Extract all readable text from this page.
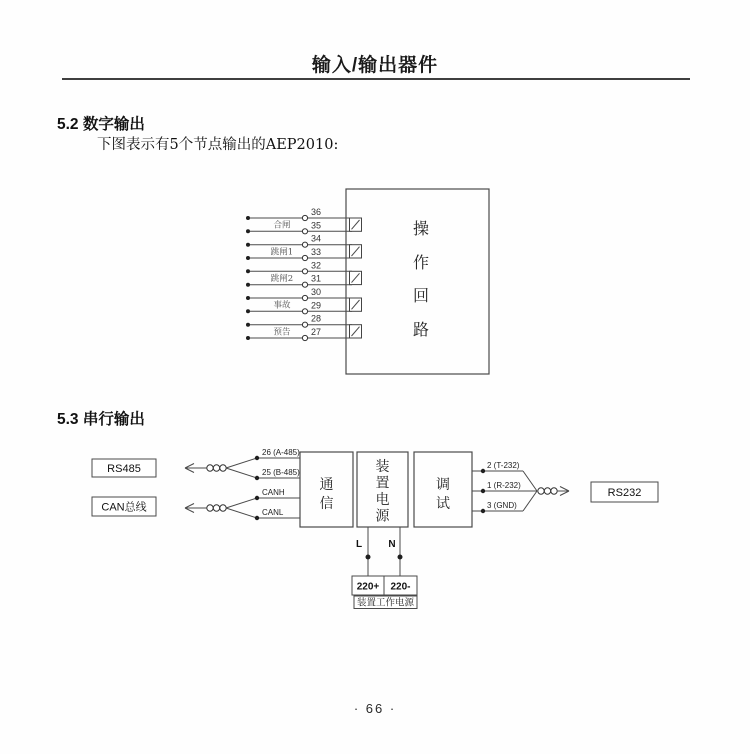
输入/输出器件
5.2 数字输出
下图表示有5个节点输出的AEP2010:
36
35
合闸
34
33
跳闸1
32
31
跳闸2
30
29
事故
28
27
预告
操
作
回
路
5.3 串行输出
RS485
CAN总线
26 (A-485)
25 (B-485)
CANH
CANL
通
信
装
置
电
源
调
试
2 (T-232)
1 (R-232)
3 (GND)
RS232
L	N
220+ 220-
装置工作电源
· 66 ·
